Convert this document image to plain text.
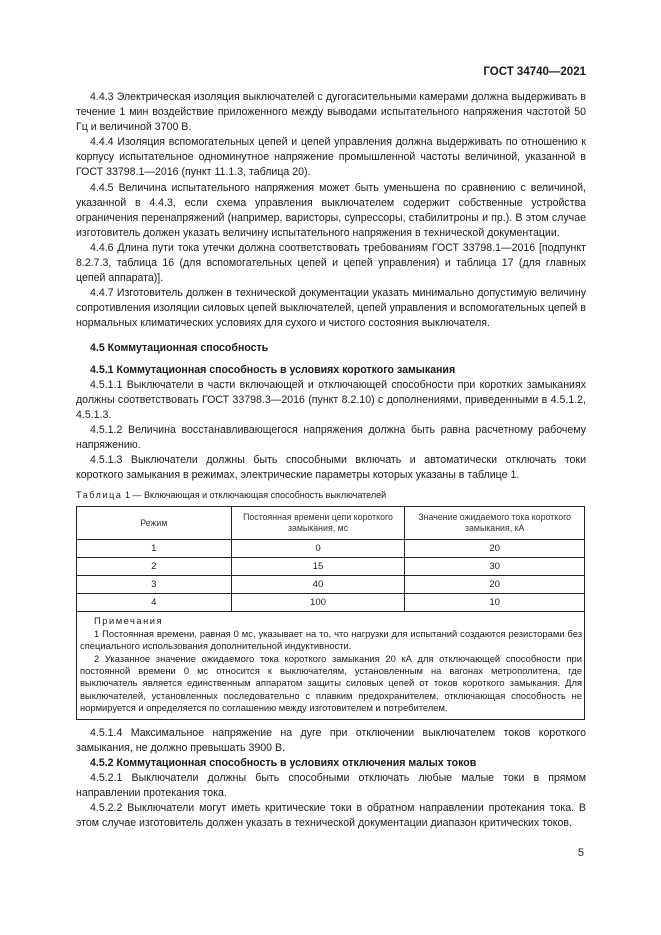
ГОСТ 34740—2021

4.4.3 Электрическая изоляция выключателей с дугогасительными камерами должна выдерживать в течение 1 мин воздействие приложенного между выводами испытательного напряжения частотой 50 Гц и величиной 3700 В.

4.4.4 Изоляция вспомогательных цепей и цепей управления должна выдерживать по отношению к корпусу испытательное одноминутное напряжение промышленной частоты величиной, указанной в ГОСТ 33798.1—2016 (пункт 11.1.3, таблица 20).

4.4.5 Величина испытательного напряжения может быть уменьшена по сравнению с величиной, указанной в 4.4.3, если схема управления выключателем содержит собственные устройства ограничения перенапряжений (например, варисторы, супрессоры, стабилитроны и пр.). В этом случае изготовитель должен указать величину испытательного напряжения в технической документации.

4.4.6 Длина пути тока утечки должна соответствовать требованиям ГОСТ 33798.1—2016 [подпункт 8.2.7.3, таблица 16 (для вспомогательных цепей и цепей управления) и таблица 17 (для главных цепей аппарата)].

4.4.7 Изготовитель должен в технической документации указать минимально допустимую величину сопротивления изоляции силовых цепей выключателей, цепей управления и вспомогательных цепей в нормальных климатических условиях для сухого и чистого состояния выключателя.

4.5 Коммутационная способность

4.5.1 Коммутационная способность в условиях короткого замыкания

4.5.1.1 Выключатели в части включающей и отключающей способности при коротких замыканиях должны соответствовать ГОСТ 33798.3—2016 (пункт 8.2.10) с дополнениями, приведенными в 4.5.1.2, 4.5.1.3.

4.5.1.2 Величина восстанавливающегося напряжения должна быть равна расчетному рабочему напряжению.

4.5.1.3 Выключатели должны быть способными включать и автоматически отключать токи короткого замыкания в режимах, электрические параметры которых указаны в таблице 1.

Таблица 1 — Включающая и отключающая способность выключателей

Режим	Постоянная времени цепи короткого замыкания, мс	Значение ожидаемого тока короткого замыкания, кА
1	0	20
2	15	30
3	40	20
4	100	10

Примечания

1 Постоянная времени, равная 0 мс, указывает на то, что нагрузки для испытаний создаются резисторами без специального использования дополнительной индуктивности.

2 Указанное значение ожидаемого тока короткого замыкания 20 кА для отключающей способности при постоянной времени 0 мс относится к выключателям, установленным на вагонах метрополитена, где выключатель является единственным аппаратом защиты силовых цепей от токов короткого замыкания. Для выключателей, установленных последовательно с плавким предохранителем, отключающая способность не нормируется и определяется по соглашению между изготовителем и потребителем.		

4.5.1.4 Максимальное напряжение на дуге при отключении выключателем токов короткого замыкания, не должно превышать 3900 В.

4.5.2 Коммутационная способность в условиях отключения малых токов

4.5.2.1 Выключатели должны быть способными отключать любые малые токи в прямом направлении протекания тока.

4.5.2.2 Выключатели могут иметь критические токи в обратном направлении протекания тока. В этом случае изготовитель должен указать в технической документации диапазон критических токов.

5
